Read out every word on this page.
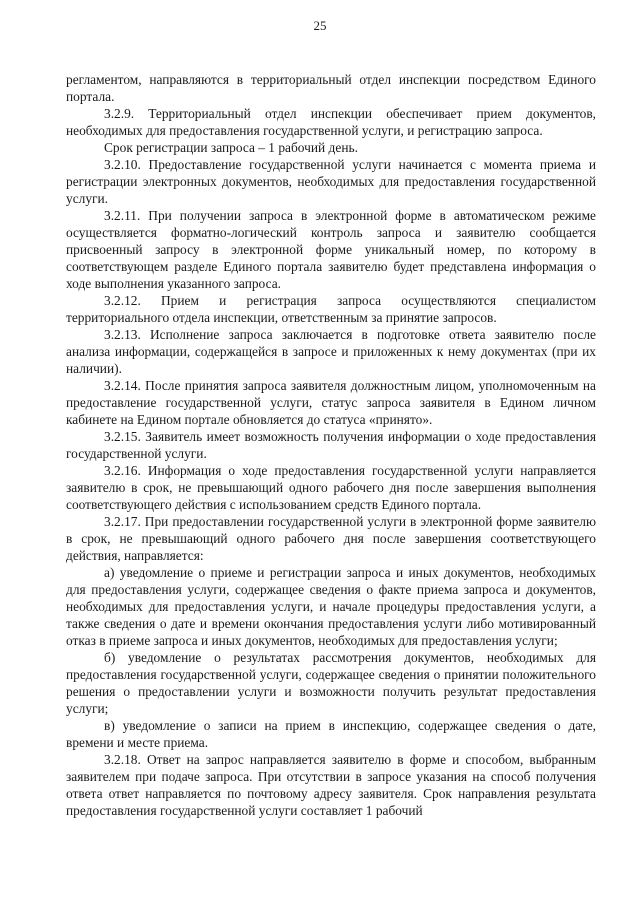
25

регламентом, направляются в территориальный отдел инспекции посредством Единого портала.

3.2.9. Территориальный отдел инспекции обеспечивает прием документов, необходимых для предоставления государственной услуги, и регистрацию запроса.

Срок регистрации запроса – 1 рабочий день.

3.2.10. Предоставление государственной услуги начинается с момента приема и регистрации электронных документов, необходимых для предоставления государственной услуги.

3.2.11. При получении запроса в электронной форме в автоматическом режиме осуществляется форматно-логический контроль запроса и заявителю сообщается присвоенный запросу в электронной форме уникальный номер, по которому в соответствующем разделе Единого портала заявителю будет представлена информация о ходе выполнения указанного запроса.

3.2.12. Прием и регистрация запроса осуществляются специалистом территориального отдела инспекции, ответственным за принятие запросов.

3.2.13. Исполнение запроса заключается в подготовке ответа заявителю после анализа информации, содержащейся в запросе и приложенных к нему документах (при их наличии).

3.2.14. После принятия запроса заявителя должностным лицом, уполномоченным на предоставление государственной услуги, статус запроса заявителя в Едином личном кабинете на Едином портале обновляется до статуса «принято».

3.2.15. Заявитель имеет возможность получения информации о ходе предоставления государственной услуги.

3.2.16. Информация о ходе предоставления государственной услуги направляется заявителю в срок, не превышающий одного рабочего дня после завершения выполнения соответствующего действия с использованием средств Единого портала.

3.2.17. При предоставлении государственной услуги в электронной форме заявителю в срок, не превышающий одного рабочего дня после завершения соответствующего действия, направляется:

а) уведомление о приеме и регистрации запроса и иных документов, необходимых для предоставления услуги, содержащее сведения о факте приема запроса и документов, необходимых для предоставления услуги, и начале процедуры предоставления услуги, а также сведения о дате и времени окончания предоставления услуги либо мотивированный отказ в приеме запроса и иных документов, необходимых для предоставления услуги;

б) уведомление о результатах рассмотрения документов, необходимых для предоставления государственной услуги, содержащее сведения о принятии положительного решения о предоставлении услуги и возможности получить результат предоставления услуги;

в) уведомление о записи на прием в инспекцию, содержащее сведения о дате, времени и месте приема.

3.2.18. Ответ на запрос направляется заявителю в форме и способом, выбранным заявителем при подаче запроса. При отсутствии в запросе указания на способ получения ответа ответ направляется по почтовому адресу заявителя. Срок направления результата предоставления государственной услуги составляет 1 рабочий
